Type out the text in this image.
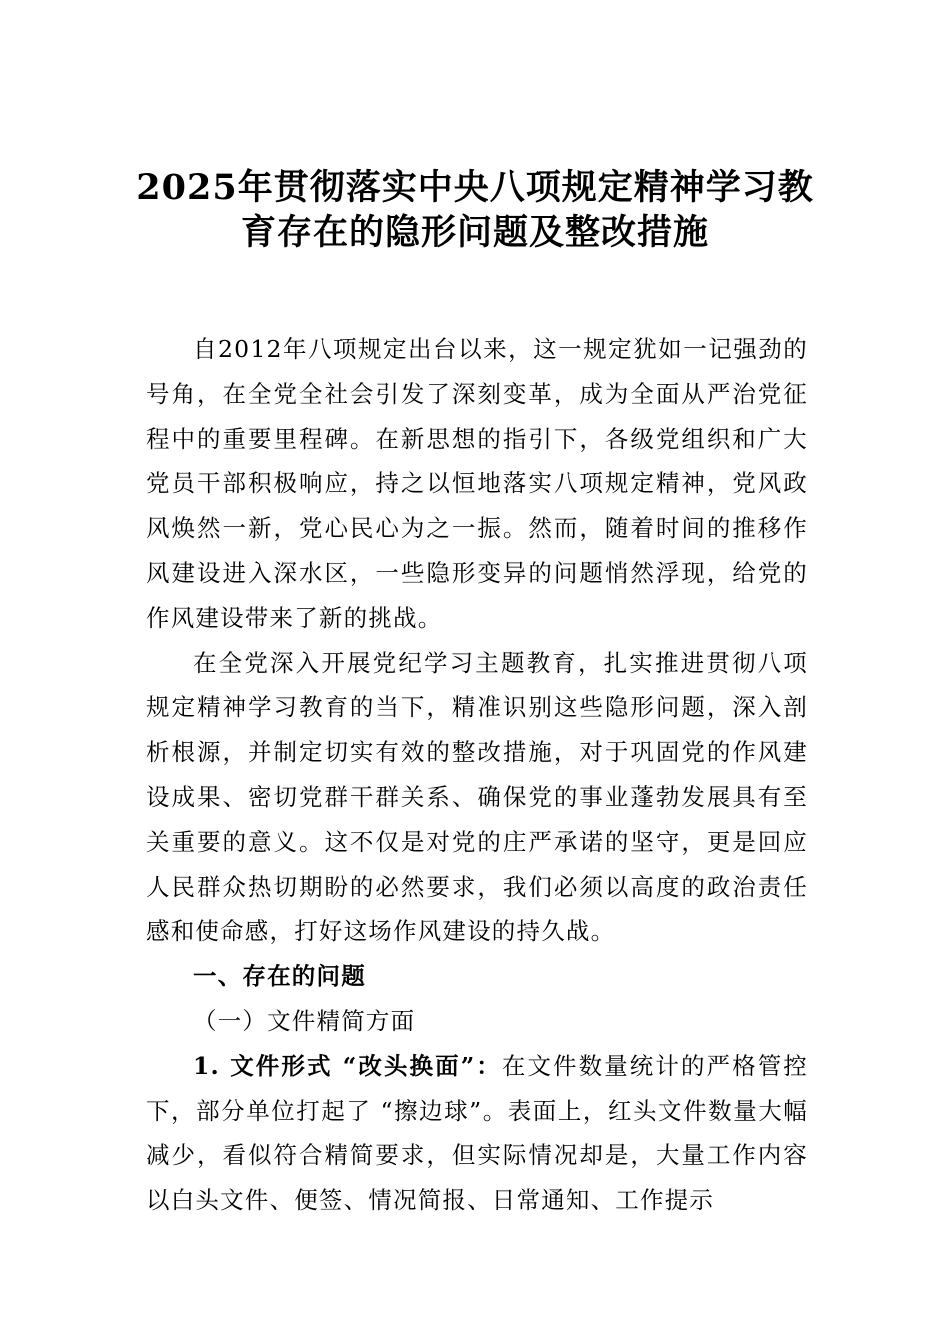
2025年贯彻落实中央八项规定精神学习教
育存在的隐形问题及整改措施

自2012年八项规定出台以来，这一规定犹如一记强劲的号角，在全党全社会引发了深刻变革，成为全面从严治党征程中的重要里程碑。在新思想的指引下，各级党组织和广大党员干部积极响应，持之以恒地落实八项规定精神，党风政风焕然一新，党心民心为之一振。然而，随着时间的推移作风建设进入深水区，一些隐形变异的问题悄然浮现，给党的作风建设带来了新的挑战。

在全党深入开展党纪学习主题教育，扎实推进贯彻八项规定精神学习教育的当下，精准识别这些隐形问题，深入剖析根源，并制定切实有效的整改措施，对于巩固党的作风建设成果、密切党群干群关系、确保党的事业蓬勃发展具有至关重要的意义。这不仅是对党的庄严承诺的坚守，更是回应人民群众热切期盼的必然要求，我们必须以高度的政治责任感和使命感，打好这场作风建设的持久战。

一、存在的问题

（一）文件精简方面

1. 文件形式 “改头换面”：在文件数量统计的严格管控下，部分单位打起了 “擦边球”。表面上，红头文件数量大幅减少，看似符合精简要求，但实际情况却是，大量工作内容以白头文件、便签、情况简报、日常通知、工作提示
